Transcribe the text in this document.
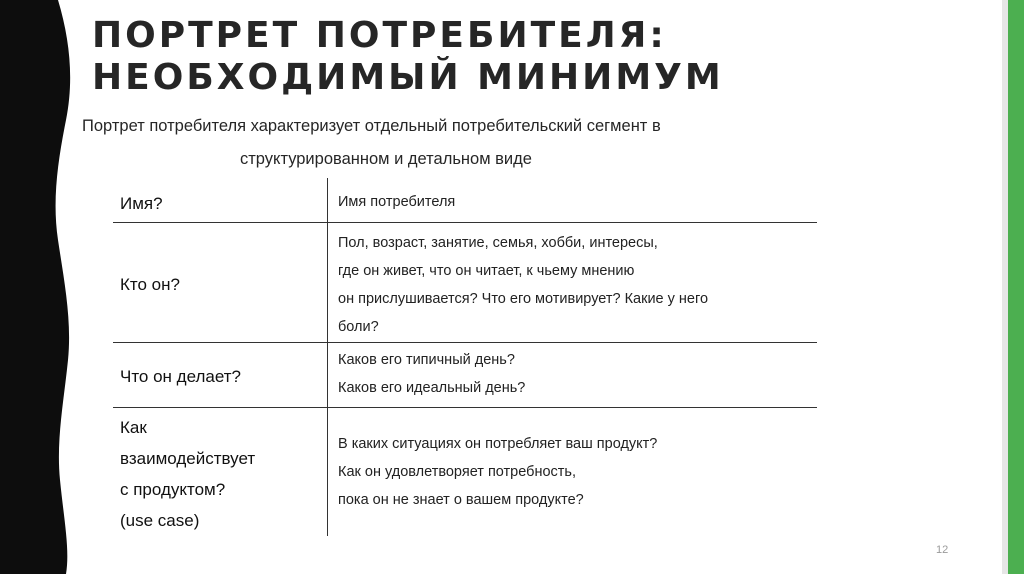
ПОРТРЕТ ПОТРЕБИТЕЛЯ:
НЕОБХОДИМЫЙ МИНИМУМ
Портрет потребителя характеризует отдельный потребительский сегмент в
структурированном и детальном виде
Имя?	Имя потребителя
Кто он?
Пол, возраст, занятие, семья, хобби, интересы,
где он живет, что он читает, к чьему мнению
он прислушивается? Что его мотивирует? Какие у него
боли?
Что он делает?
Каков его типичный день?
Каков его идеальный день?
Как
взаимодействует
с продуктом?
(use case)
В каких ситуациях он потребляет ваш продукт?
Как он удовлетворяет потребность,
пока он не знает о вашем продукте?
12
